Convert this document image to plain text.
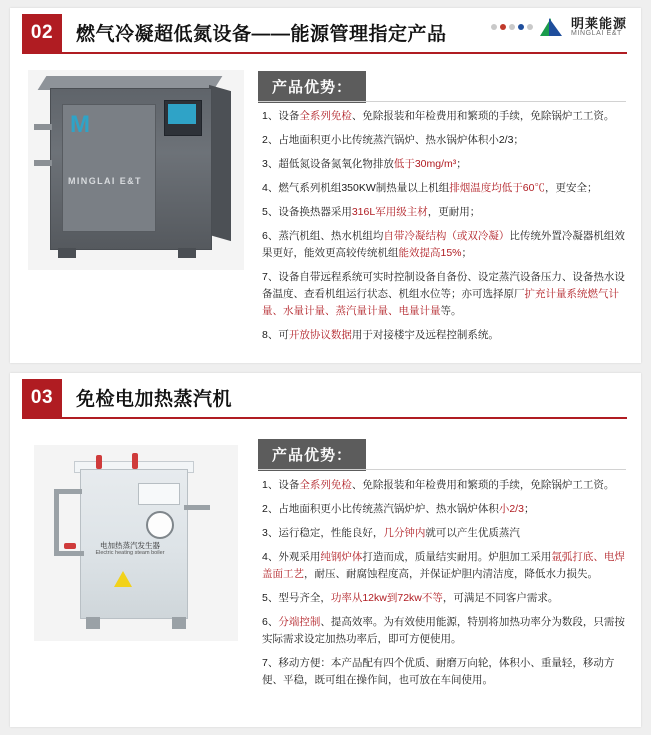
02	燃气冷凝超低氮设备——能源管理指定产品
明莱能源
MINGLAI E&T
М
MINGLAI E&T
产品优势：
1、设备全系列免检、免除报装和年检费用和繁琐的手续，免除锅炉工工资。
2、占地面积更小比传统蒸汽锅炉、热水锅炉体积小2/3；
3、超低氮设备氮氧化物排放低于30mg/m³；
4、燃气系列机组350KW制热量以上机组排烟温度均低于60℃，更安全；
5、设备换热器采用316L军用级主材，更耐用；
6、蒸汽机组、热水机组均自带冷凝结构（或双冷凝）比传统外置冷凝器机组效果更好，能效更高较传统机组能效提高15%；
7、设备自带远程系统可实时控制设备自备份、设定蒸汽设备压力、设备热水设备温度、查看机组运行状态、机组水位等；亦可选择原厂扩充计量系统燃气计量、水量计量、蒸汽量计量、电量计量等。
8、可开放协议数据用于对接楼宇及远程控制系统。
03	免检电加热蒸汽机
电加热蒸汽发生器
Electric heating steam boiler
产品优势：
1、设备全系列免检、免除报装和年检费用和繁琐的手续，免除锅炉工工资。
2、占地面积更小比传统蒸汽锅炉炉、热水锅炉体积小2/3；
3、运行稳定，性能良好，几分钟内就可以产生优质蒸汽
4、外观采用纯钢炉体打造而成，质量结实耐用。炉胆加工采用氩弧打底、电焊盖面工艺，耐压、耐腐蚀程度高，并保证炉胆内清洁度，降低水力损失。
5、型号齐全，功率从12kw到72kw不等，可满足不同客户需求。
6、分端控制、提高效率。为有效使用能源，特别将加热功率分为数段，只需按实际需求设定加热功率后，即可方便使用。
7、移动方便：本产品配有四个优质、耐磨万向轮，体积小、重量轻，移动方便、平稳，既可组在操作间，也可放在车间使用。
